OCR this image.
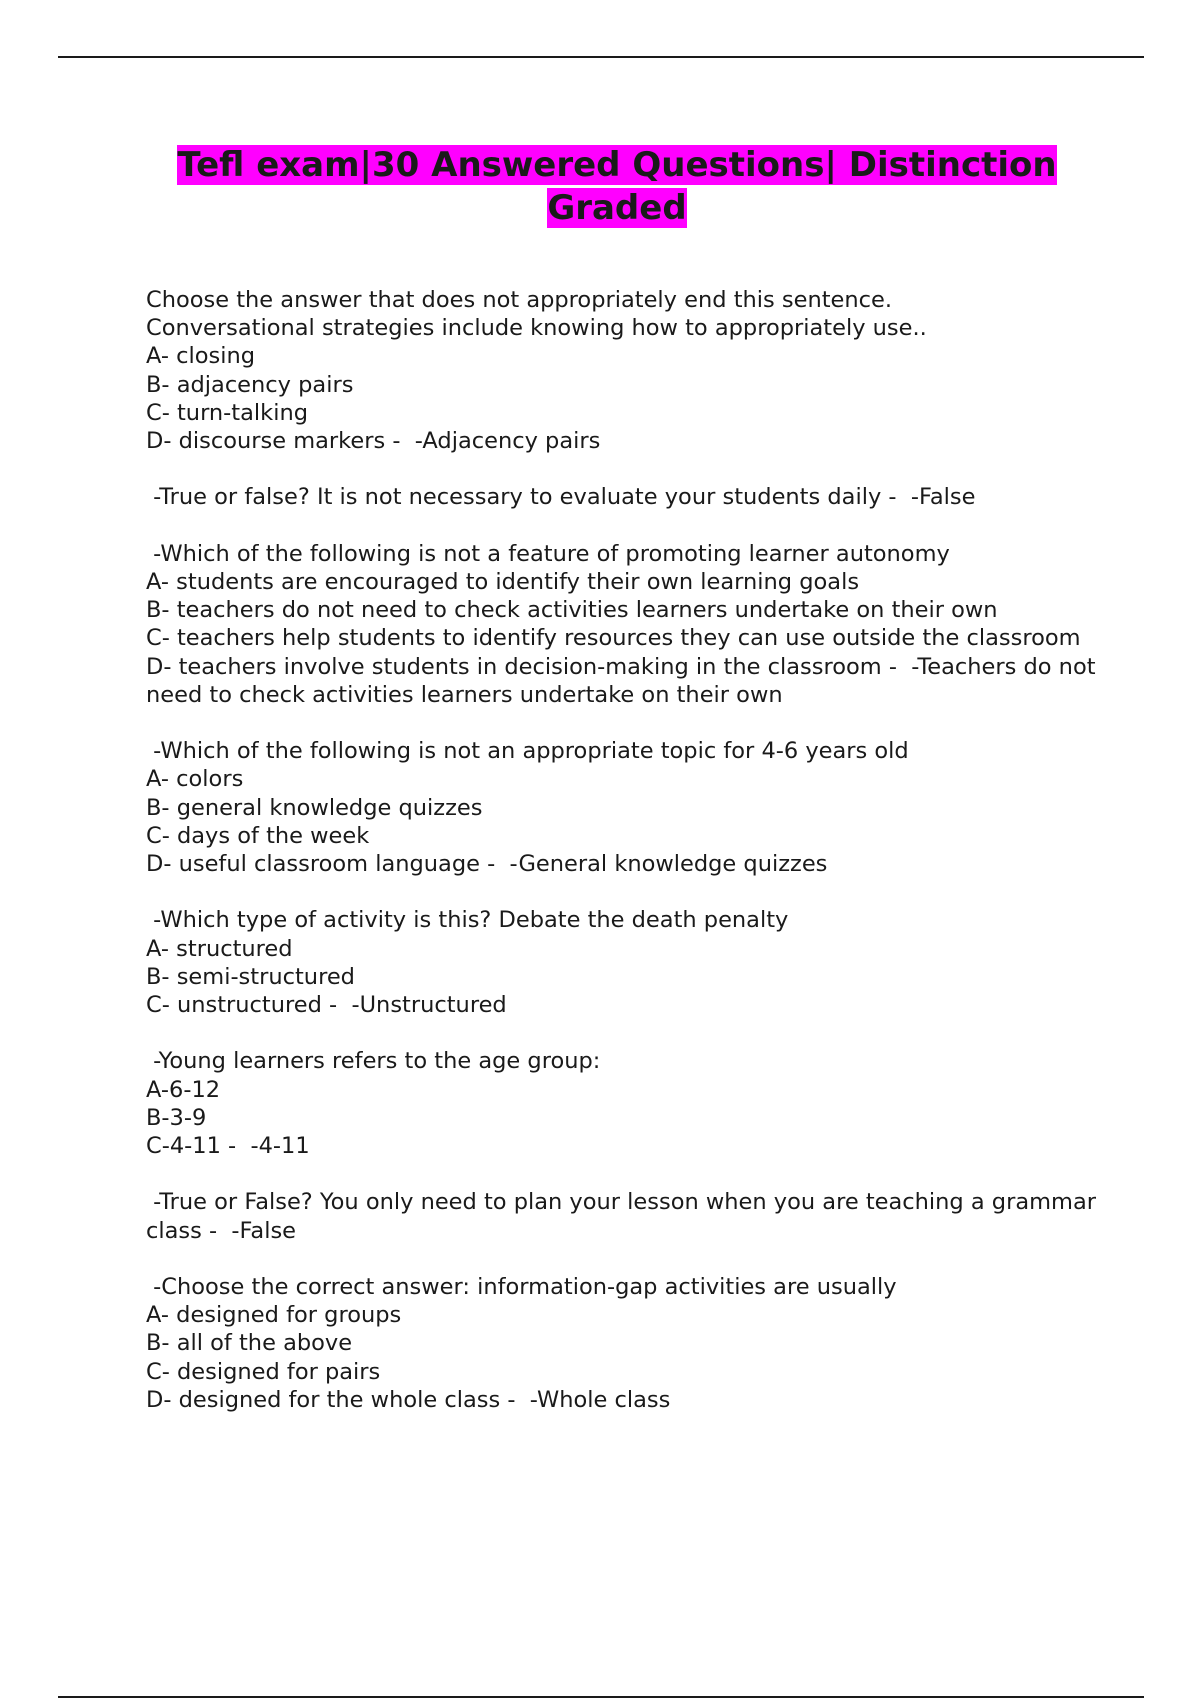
Tefl exam|30 Answered Questions| Distinction Graded
Choose the answer that does not appropriately end this sentence.
Conversational strategies include knowing how to appropriately use..
A- closing
B- adjacency pairs
C- turn-talking
D- discourse markers -  -Adjacency pairs
-True or false? It is not necessary to evaluate your students daily -  -False
-Which of the following is not a feature of promoting learner autonomy
A- students are encouraged to identify their own learning goals
B- teachers do not need to check activities learners undertake on their own
C- teachers help students to identify resources they can use outside the classroom
D- teachers involve students in decision-making in the classroom -  -Teachers do not need to check activities learners undertake on their own
-Which of the following is not an appropriate topic for 4-6 years old
A- colors
B- general knowledge quizzes
C- days of the week
D- useful classroom language -  -General knowledge quizzes
-Which type of activity is this? Debate the death penalty
A- structured
B- semi-structured
C- unstructured -  -Unstructured
-Young learners refers to the age group:
A-6-12
B-3-9
C-4-11 -  -4-11
-True or False? You only need to plan your lesson when you are teaching a grammar class -  -False
-Choose the correct answer: information-gap activities are usually
A- designed for groups
B- all of the above
C- designed for pairs
D- designed for the whole class -  -Whole class
